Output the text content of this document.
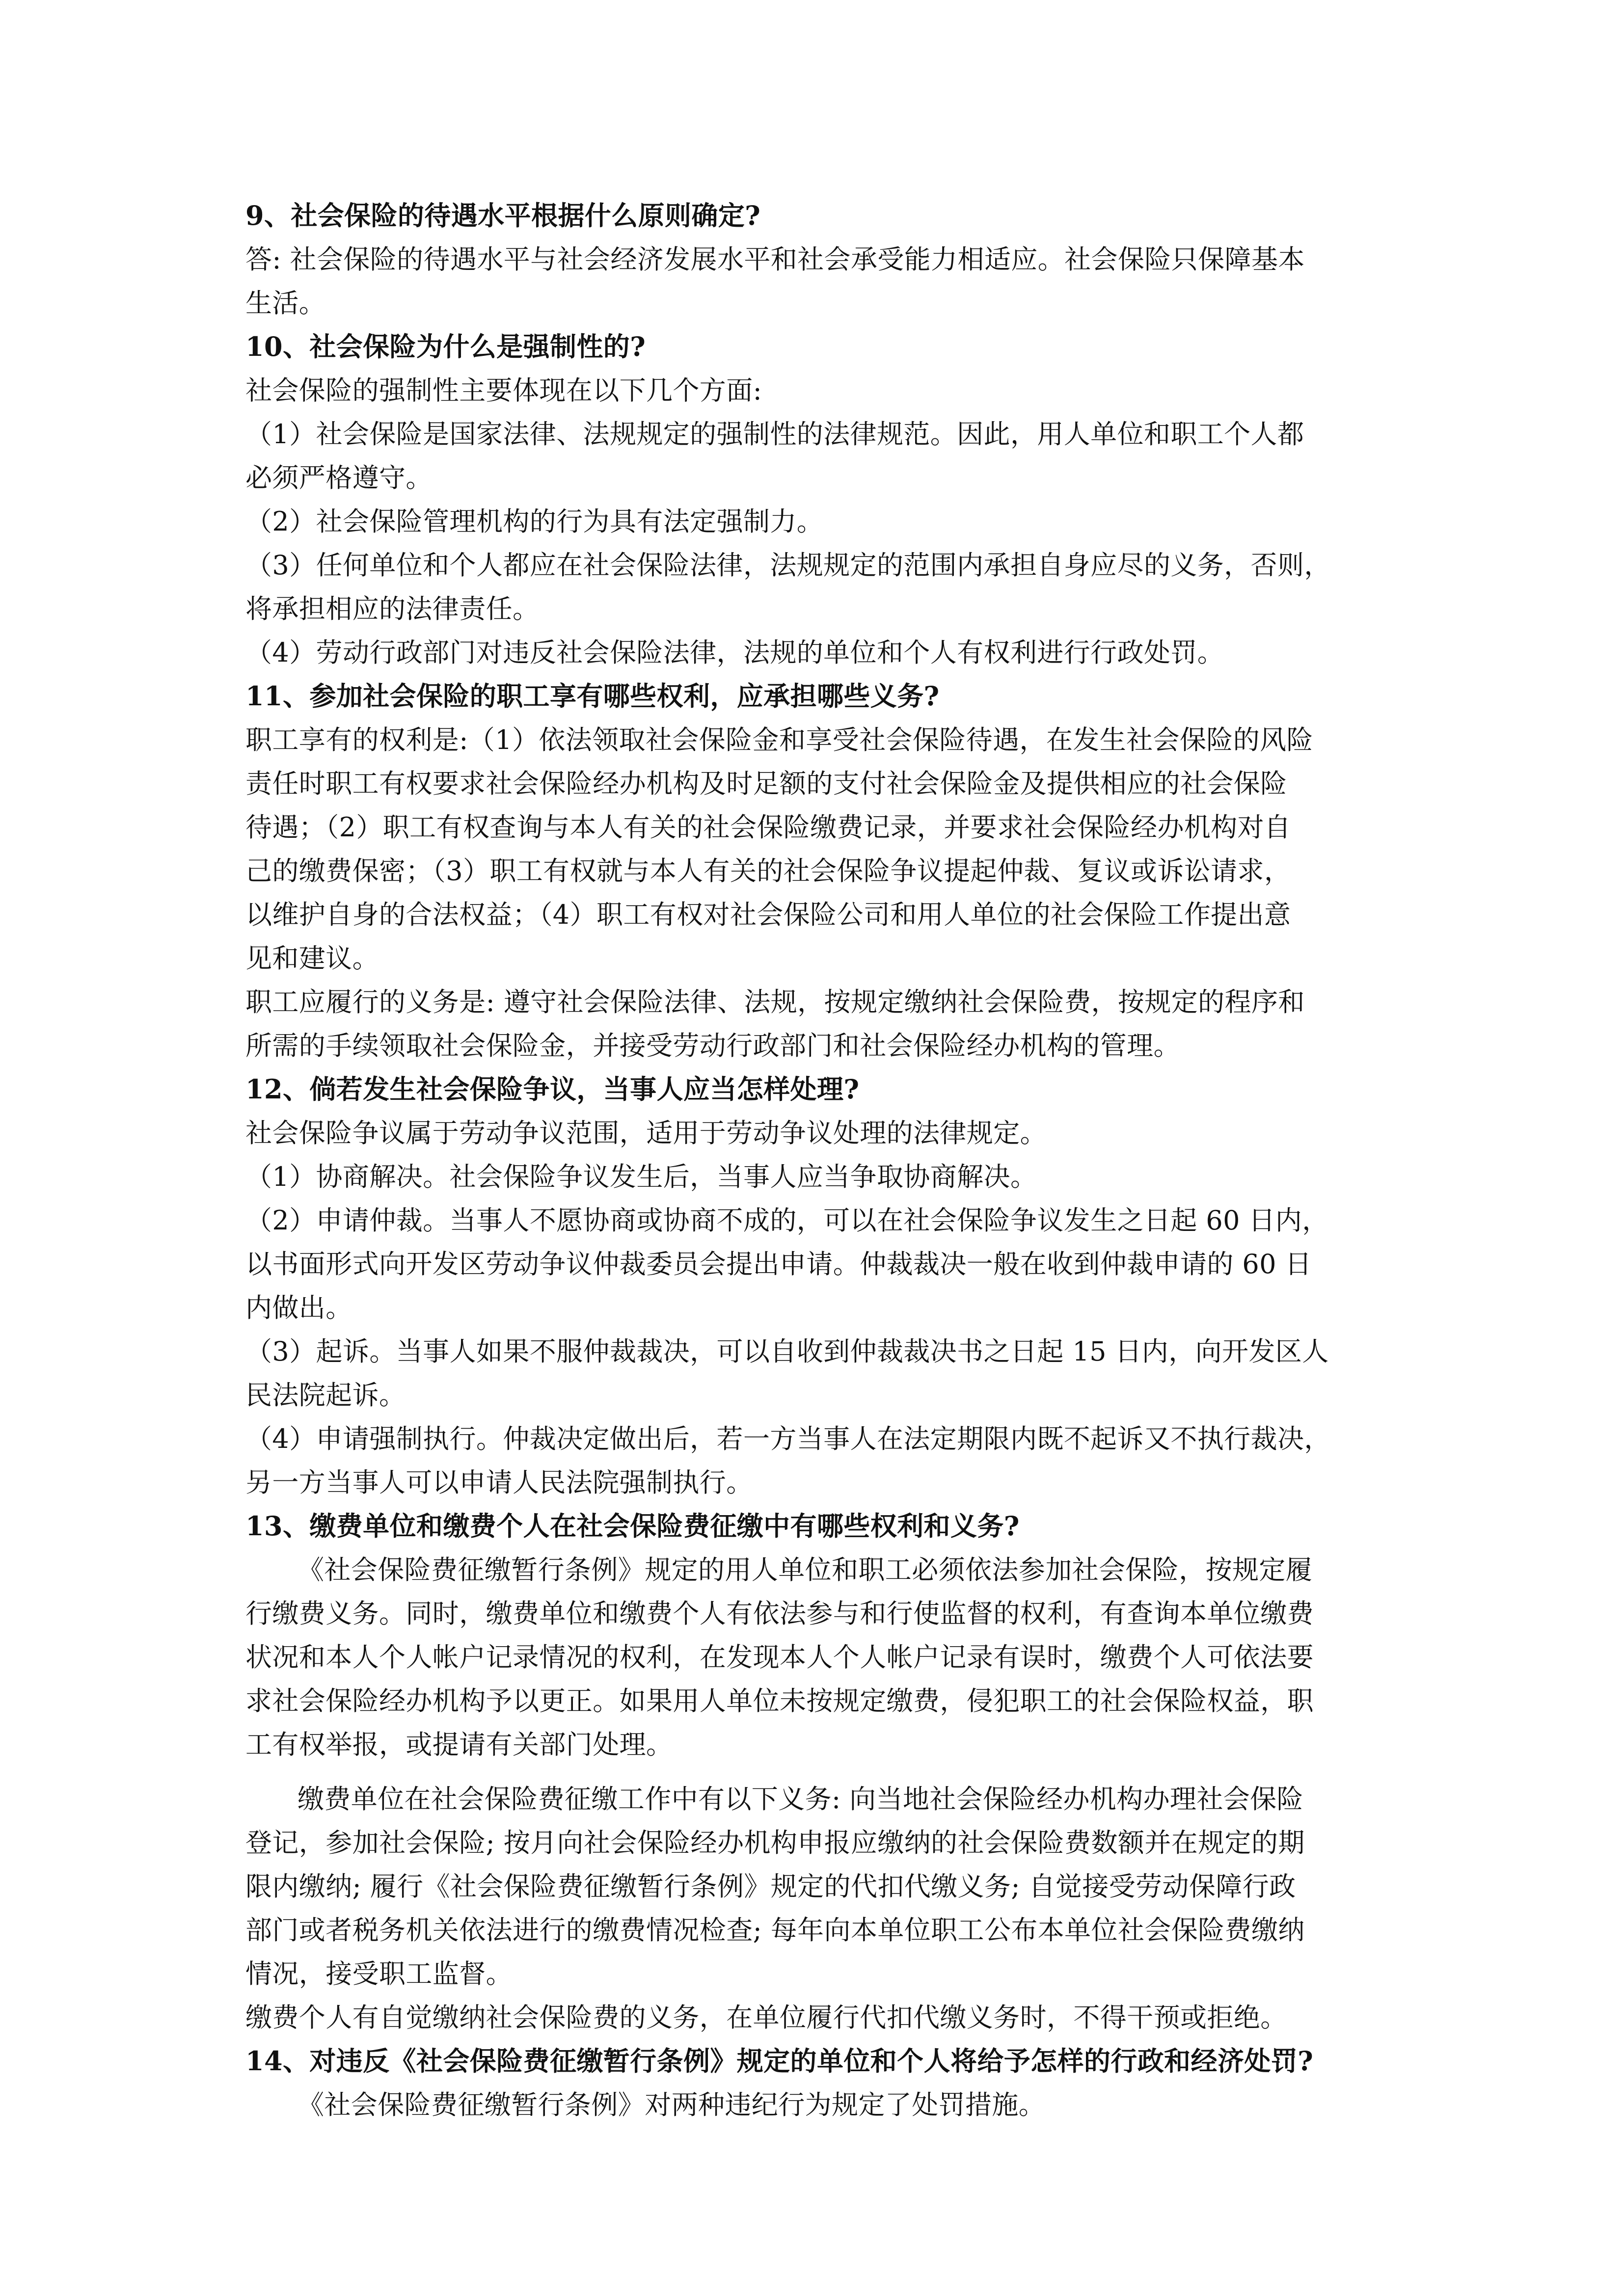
9、社会保险的待遇水平根据什么原则确定?
答: 社会保险的待遇水平与社会经济发展水平和社会承受能力相适应。社会保险只保障基本
生活。
10、社会保险为什么是强制性的?
社会保险的强制性主要体现在以下几个方面:
（1）社会保险是国家法律、法规规定的强制性的法律规范。因此，用人单位和职工个人都
必须严格遵守。
（2）社会保险管理机构的行为具有法定强制力。
（3）任何单位和个人都应在社会保险法律，法规规定的范围内承担自身应尽的义务，否则，
将承担相应的法律责任。
（4）劳动行政部门对违反社会保险法律，法规的单位和个人有权利进行行政处罚。
11、参加社会保险的职工享有哪些权利，应承担哪些义务?
职工享有的权利是:（1）依法领取社会保险金和享受社会保险待遇，在发生社会保险的风险
责任时职工有权要求社会保险经办机构及时足额的支付社会保险金及提供相应的社会保险
待遇；（2）职工有权查询与本人有关的社会保险缴费记录，并要求社会保险经办机构对自
己的缴费保密；（3）职工有权就与本人有关的社会保险争议提起仲裁、复议或诉讼请求，
以维护自身的合法权益；（4）职工有权对社会保险公司和用人单位的社会保险工作提出意
见和建议。
职工应履行的义务是: 遵守社会保险法律、法规，按规定缴纳社会保险费，按规定的程序和
所需的手续领取社会保险金，并接受劳动行政部门和社会保险经办机构的管理。
12、倘若发生社会保险争议，当事人应当怎样处理?
社会保险争议属于劳动争议范围，适用于劳动争议处理的法律规定。
（1）协商解决。社会保险争议发生后，当事人应当争取协商解决。
（2）申请仲裁。当事人不愿协商或协商不成的，可以在社会保险争议发生之日起 60 日内，
以书面形式向开发区劳动争议仲裁委员会提出申请。仲裁裁决一般在收到仲裁申请的 60 日
内做出。
（3）起诉。当事人如果不服仲裁裁决，可以自收到仲裁裁决书之日起 15 日内，向开发区人
民法院起诉。
（4）申请强制执行。仲裁决定做出后，若一方当事人在法定期限内既不起诉又不执行裁决，
另一方当事人可以申请人民法院强制执行。
13、缴费单位和缴费个人在社会保险费征缴中有哪些权利和义务?
《社会保险费征缴暂行条例》规定的用人单位和职工必须依法参加社会保险，按规定履
行缴费义务。同时，缴费单位和缴费个人有依法参与和行使监督的权利，有查询本单位缴费
状况和本人个人帐户记录情况的权利，在发现本人个人帐户记录有误时，缴费个人可依法要
求社会保险经办机构予以更正。如果用人单位未按规定缴费，侵犯职工的社会保险权益，职
工有权举报，或提请有关部门处理。
缴费单位在社会保险费征缴工作中有以下义务: 向当地社会保险经办机构办理社会保险
登记，参加社会保险; 按月向社会保险经办机构申报应缴纳的社会保险费数额并在规定的期
限内缴纳; 履行《社会保险费征缴暂行条例》规定的代扣代缴义务; 自觉接受劳动保障行政
部门或者税务机关依法进行的缴费情况检查; 每年向本单位职工公布本单位社会保险费缴纳
情况，接受职工监督。
缴费个人有自觉缴纳社会保险费的义务，在单位履行代扣代缴义务时，不得干预或拒绝。
14、对违反《社会保险费征缴暂行条例》规定的单位和个人将给予怎样的行政和经济处罚?
《社会保险费征缴暂行条例》对两种违纪行为规定了处罚措施。
